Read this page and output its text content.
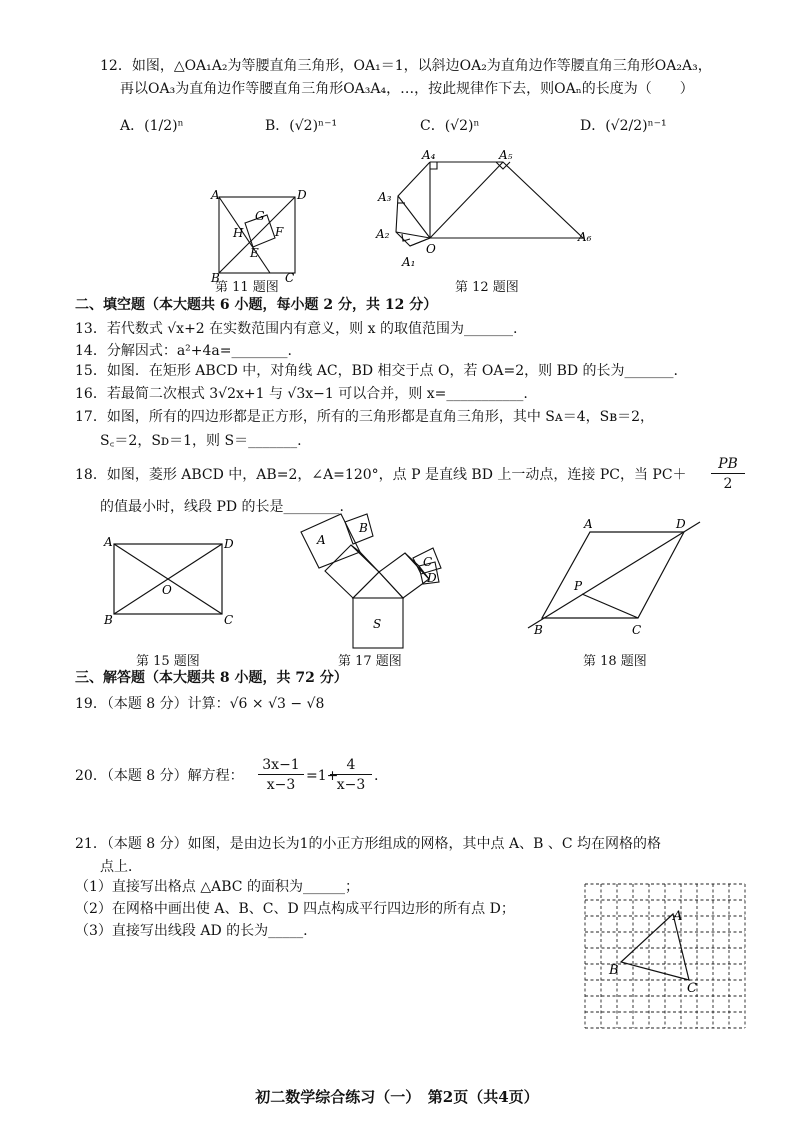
12．如图，△OA₁A₂为等腰直角三角形，OA₁＝1，以斜边OA₂为直角边作等腰直角三角形OA₂A₃，
再以OA₃为直角边作等腰直角三角形OA₃A₄，…，按此规律作下去，则OAₙ的长度为（　　）
A．(1/2)ⁿ	B．(√2)ⁿ⁻¹	C．(√2)ⁿ	D．(√2/2)ⁿ⁻¹
A	D
B	C
G
H	F
E
第 11 题图
A₄	A₅
A₃
A₂
A₁
O
A₆
第 12 题图
二、填空题（本大题共 6 小题，每小题 2 分，共 12 分）
13．若代数式 √x+2 在实数范围内有意义，则 x 的取值范围为_______.
14．分解因式：a²+4a=________.
15．如图．在矩形 ABCD 中，对角线 AC，BD 相交于点 O，若 OA=2，则 BD 的长为_______.
16．若最简二次根式 3√2x+1 与 √3x−1 可以合并，则 x=___________.
17．如图，所有的四边形都是正方形，所有的三角形都是直角三角形，其中 Sᴀ＝4，Sʙ＝2，
S꜀＝2，Sᴅ＝1，则 S＝_______.
18．如图，菱形 ABCD 中，AB=2，∠A=120°，点 P 是直线 BD 上一动点，连接 PC，当 PC＋
PB
2
的值最小时，线段 PD 的长是________.
A	D
B	C
O
第 15 题图
A
B
C
D
S
第 17 题图
A	D
B	C
P
第 18 题图
三、解答题（本大题共 8 小题，共 72 分）
19．（本题 8 分）计算：√6 × √3 − √8
20．（本题 8 分）解方程：
3x−1
x−3
=1+
4
x−3
.
21．（本题 8 分）如图，是由边长为1的小正方形组成的网格，其中点 A、B 、C 均在网格的格
点上．
（1）直接写出格点 △ABC 的面积为______；
（2）在网格中画出使 A、B、C、D 四点构成平行四边形的所有点 D；
（3）直接写出线段 AD 的长为_____.
A
B
C
初二数学综合练习（一）　第2页（共4页）
